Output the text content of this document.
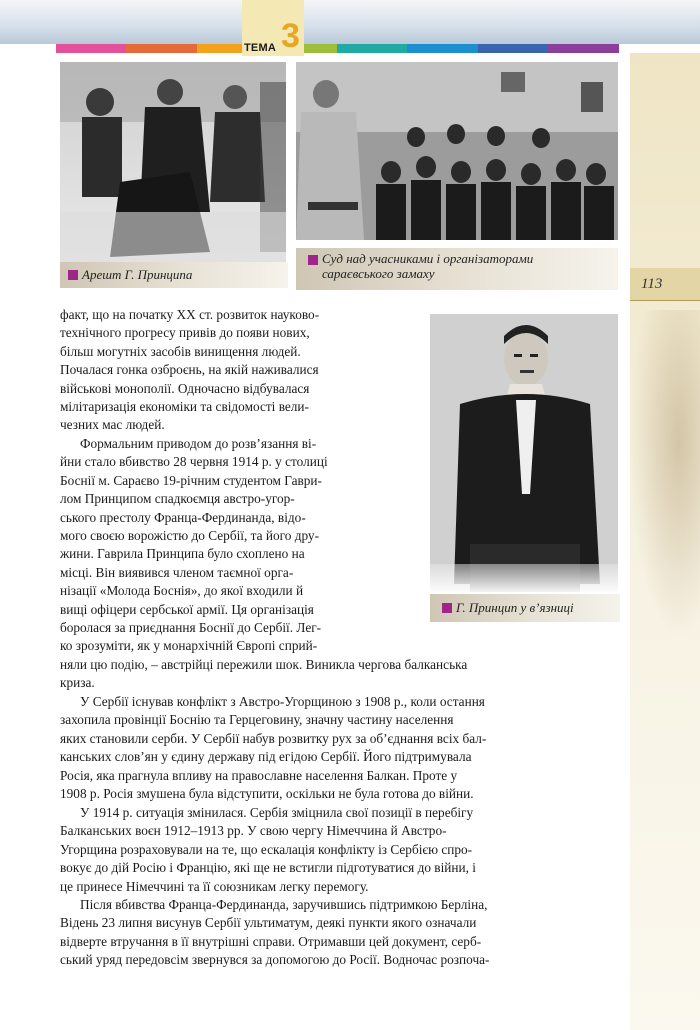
ТЕМА 3
113
Арешт Г. Принципа
Суд над учасниками і організаторами
сараєвського замаху
Г. Принцип у в’язниці
факт, що на початку XX ст. розвиток науково-
технічного прогресу привів до появи нових,
більш могутніх засобів винищення людей.
Почалася гонка озброєнь, на якій наживалися
військові монополії. Одночасно відбувалася
мілітаризація економіки та свідомості вели-
чезних мас людей.
Формальним приводом до розв’язання ві-
йни стало вбивство 28 червня 1914 р. у столиці
Боснії м. Сараєво 19-річним студентом Гаври-
лом Принципом спадкоємця австро-угор-
ського престолу Франца-Фердинанда, відо-
мого своєю ворожістю до Сербії, та його дру-
жини. Гаврила Принципа було схоплено на
місці. Він виявився членом таємної орга-
нізації «Молода Боснія», до якої входили й
вищі офіцери сербської армії. Ця організація
боролася за приєднання Боснії до Сербії. Лег-
ко зрозуміти, як у монархічній Європі сприй-
няли цю подію, – австрійці пережили шок. Виникла чергова балканська
криза.
У Сербії існував конфлікт з Австро-Угорщиною з 1908 р., коли остання
захопила провінції Боснію та Герцеговину, значну частину населення
яких становили серби. У Сербії набув розвитку рух за об’єднання всіх бал-
канських слов’ян у єдину державу під егідою Сербії. Його підтримувала
Росія, яка прагнула впливу на православне населення Балкан. Проте у
1908 р. Росія змушена була відступити, оскільки не була готова до війни.
У 1914 р. ситуація змінилася. Сербія зміцнила свої позиції в перебігу
Балканських воєн 1912–1913 рр. У свою чергу Німеччина й Австро-
Угорщина розраховували на те, що ескалація конфлікту із Сербією спро-
вокує до дій Росію і Францію, які ще не встигли підготуватися до війни, і
це принесе Німеччині та її союзникам легку перемогу.
Після вбивства Франца-Фердинанда, заручившись підтримкою Берліна,
Відень 23 липня висунув Сербії ультиматум, деякі пункти якого означали
відверте втручання в її внутрішні справи. Отримавши цей документ, серб-
ський уряд передовсім звернувся за допомогою до Росії. Водночас розпоча-
